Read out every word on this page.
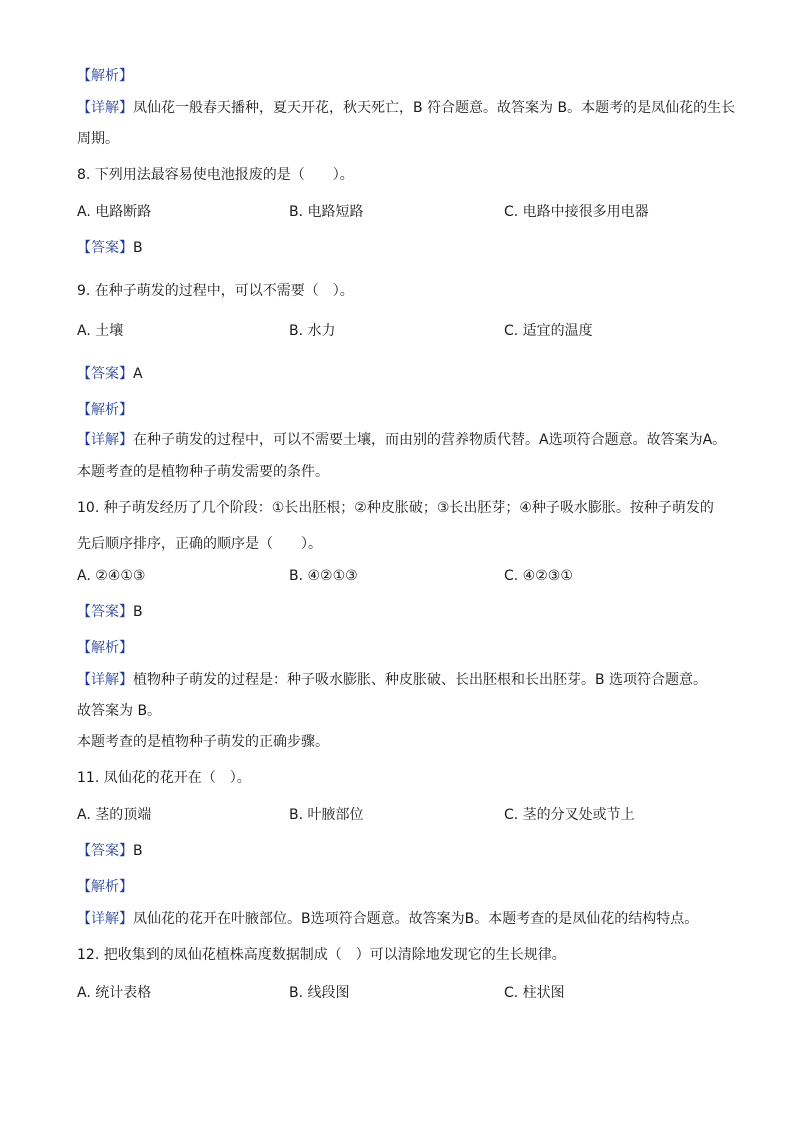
【解析】
【详解】凤仙花一般春天播种，夏天开花，秋天死亡，B 符合题意。故答案为 B。本题考的是凤仙花的生长
周期。
8. 下列用法最容易使电池报废的是（　　）。
A. 电路断路	B. 电路短路	C. 电路中接很多用电器
【答案】B
9. 在种子萌发的过程中，可以不需要（　）。
A. 土壤	B. 水力	C. 适宜的温度
【答案】A
【解析】
【详解】在种子萌发的过程中，可以不需要土壤，而由别的营养物质代替。A选项符合题意。故答案为A。
本题考查的是植物种子萌发需要的条件。
10. 种子萌发经历了几个阶段：①长出胚根；②种皮胀破；③长出胚芽；④种子吸水膨胀。按种子萌发的
先后顺序排序，正确的顺序是（　　）。
A. ②④①③	B. ④②①③	C. ④②③①
【答案】B
【解析】
【详解】植物种子萌发的过程是：种子吸水膨胀、种皮胀破、长出胚根和长出胚芽。B 选项符合题意。
故答案为 B。
本题考查的是植物种子萌发的正确步骤。
11. 凤仙花的花开在（　）。
A. 茎的顶端	B. 叶腋部位	C. 茎的分叉处或节上
【答案】B
【解析】
【详解】凤仙花的花开在叶腋部位。B选项符合题意。故答案为B。本题考查的是凤仙花的结构特点。
12. 把收集到的凤仙花植株高度数据制成（　）可以清除地发现它的生长规律。
A. 统计表格	B. 线段图	C. 柱状图
